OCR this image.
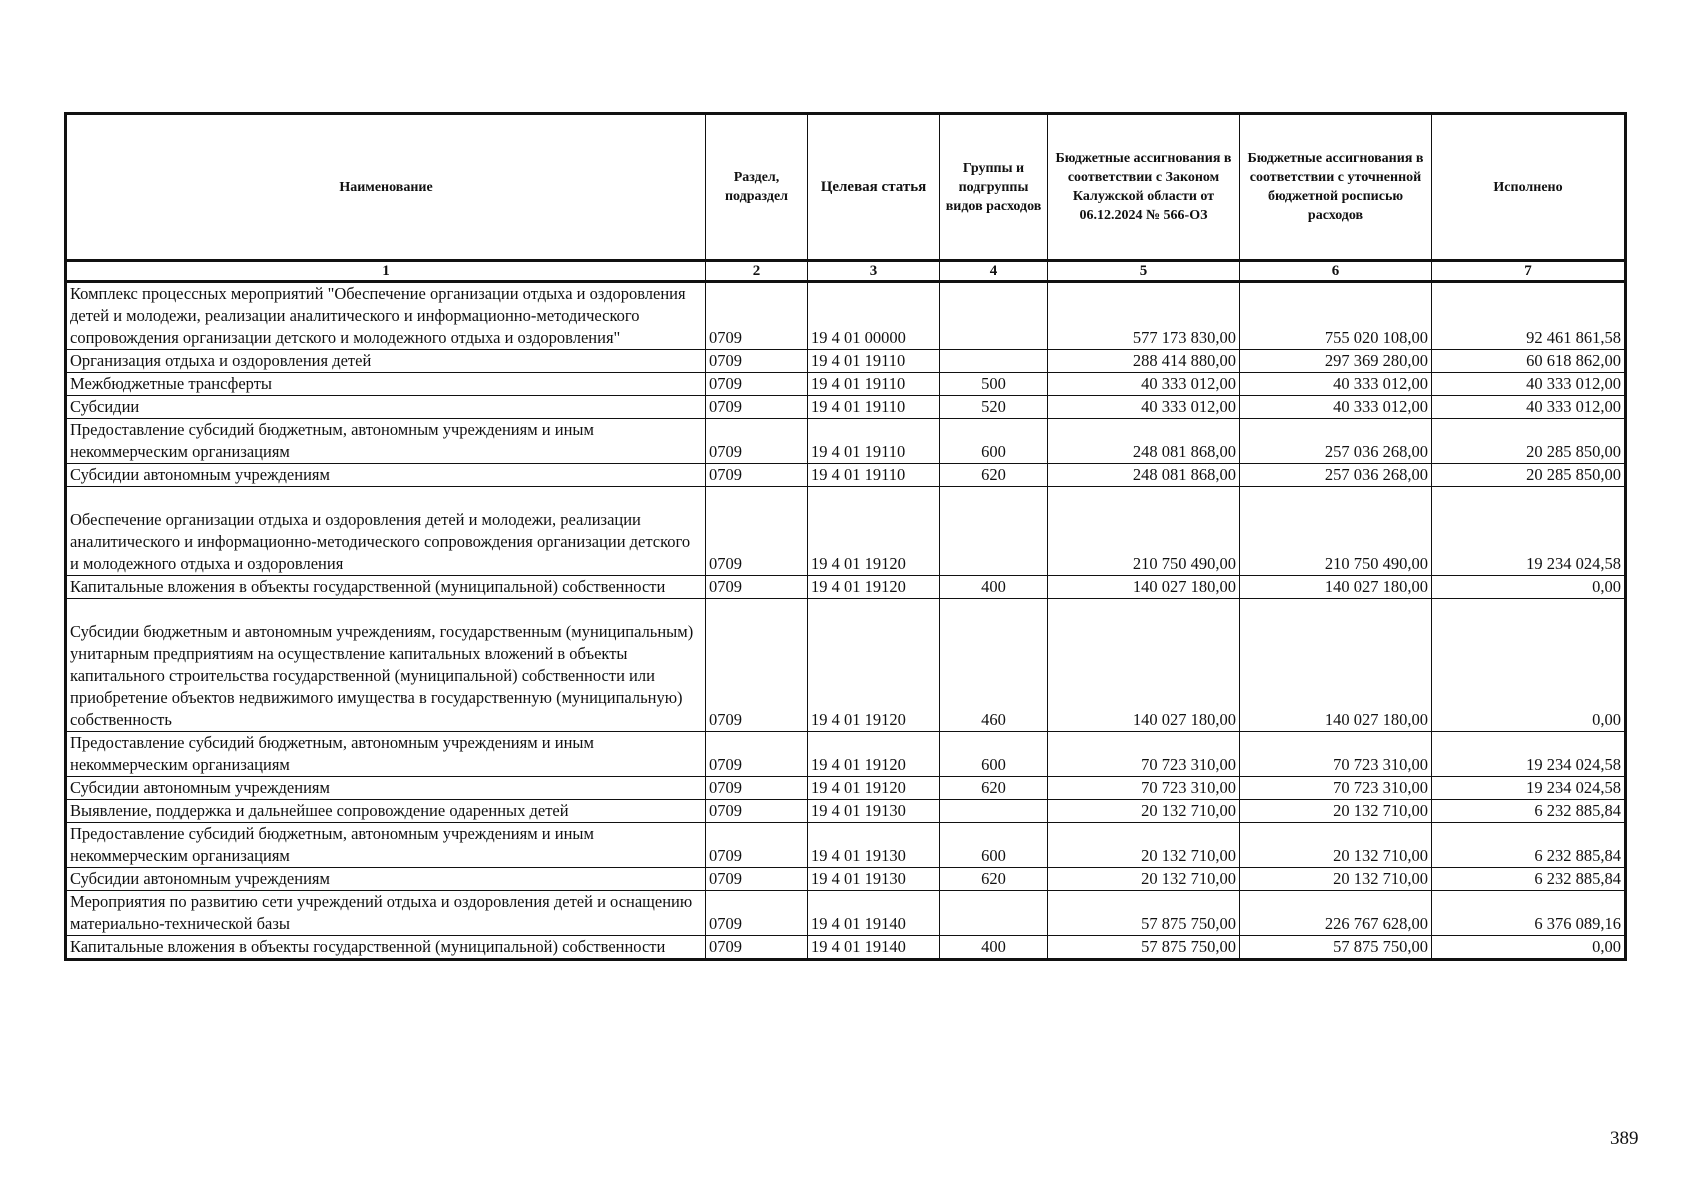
Наименование	Раздел, подраздел	Целевая статья	Группы и подгруппы видов расходов	Бюджетные ассигнования в соответствии с Законом Калужской области от 06.12.2024 № 566-ОЗ	Бюджетные ассигнования в соответствии с уточненной бюджетной росписью расходов	Исполнено
1	2	3	4	5	6	7
Комплекс процессных мероприятий "Обеспечение организации отдыха и оздоровления детей и молодежи, реализации аналитического и информационно-методического сопровождения организации детского и молодежного отдыха и оздоровления"	0709	19 4 01 00000		577 173 830,00	755 020 108,00	92 461 861,58
Организация отдыха и оздоровления детей	0709	19 4 01 19110		288 414 880,00	297 369 280,00	60 618 862,00
Межбюджетные трансферты	0709	19 4 01 19110	500	40 333 012,00	40 333 012,00	40 333 012,00
Субсидии	0709	19 4 01 19110	520	40 333 012,00	40 333 012,00	40 333 012,00
Предоставление субсидий бюджетным, автономным учреждениям и иным некоммерческим организациям	0709	19 4 01 19110	600	248 081 868,00	257 036 268,00	20 285 850,00
Субсидии автономным учреждениям	0709	19 4 01 19110	620	248 081 868,00	257 036 268,00	20 285 850,00

Обеспечение организации отдыха и оздоровления детей и молодежи, реализации аналитического и информационно-методического сопровождения организации детского и молодежного отдыха и оздоровления	0709	19 4 01 19120		210 750 490,00	210 750 490,00	19 234 024,58
Капитальные вложения в объекты государственной (муниципальной) собственности	0709	19 4 01 19120	400	140 027 180,00	140 027 180,00	0,00

Субсидии бюджетным и автономным учреждениям, государственным (муниципальным) унитарным предприятиям на осуществление капитальных вложений в объекты капитального строительства государственной (муниципальной) собственности или приобретение объектов недвижимого имущества в государственную (муниципальную) собственность	0709	19 4 01 19120	460	140 027 180,00	140 027 180,00	0,00
Предоставление субсидий бюджетным, автономным учреждениям и иным некоммерческим организациям	0709	19 4 01 19120	600	70 723 310,00	70 723 310,00	19 234 024,58
Субсидии автономным учреждениям	0709	19 4 01 19120	620	70 723 310,00	70 723 310,00	19 234 024,58
Выявление, поддержка и дальнейшее сопровождение одаренных детей	0709	19 4 01 19130		20 132 710,00	20 132 710,00	6 232 885,84
Предоставление субсидий бюджетным, автономным учреждениям и иным некоммерческим организациям	0709	19 4 01 19130	600	20 132 710,00	20 132 710,00	6 232 885,84
Субсидии автономным учреждениям	0709	19 4 01 19130	620	20 132 710,00	20 132 710,00	6 232 885,84
Мероприятия по развитию сети учреждений отдыха и оздоровления детей и оснащению материально-технической базы	0709	19 4 01 19140		57 875 750,00	226 767 628,00	6 376 089,16
Капитальные вложения в объекты государственной (муниципальной) собственности	0709	19 4 01 19140	400	57 875 750,00	57 875 750,00	0,00
389
